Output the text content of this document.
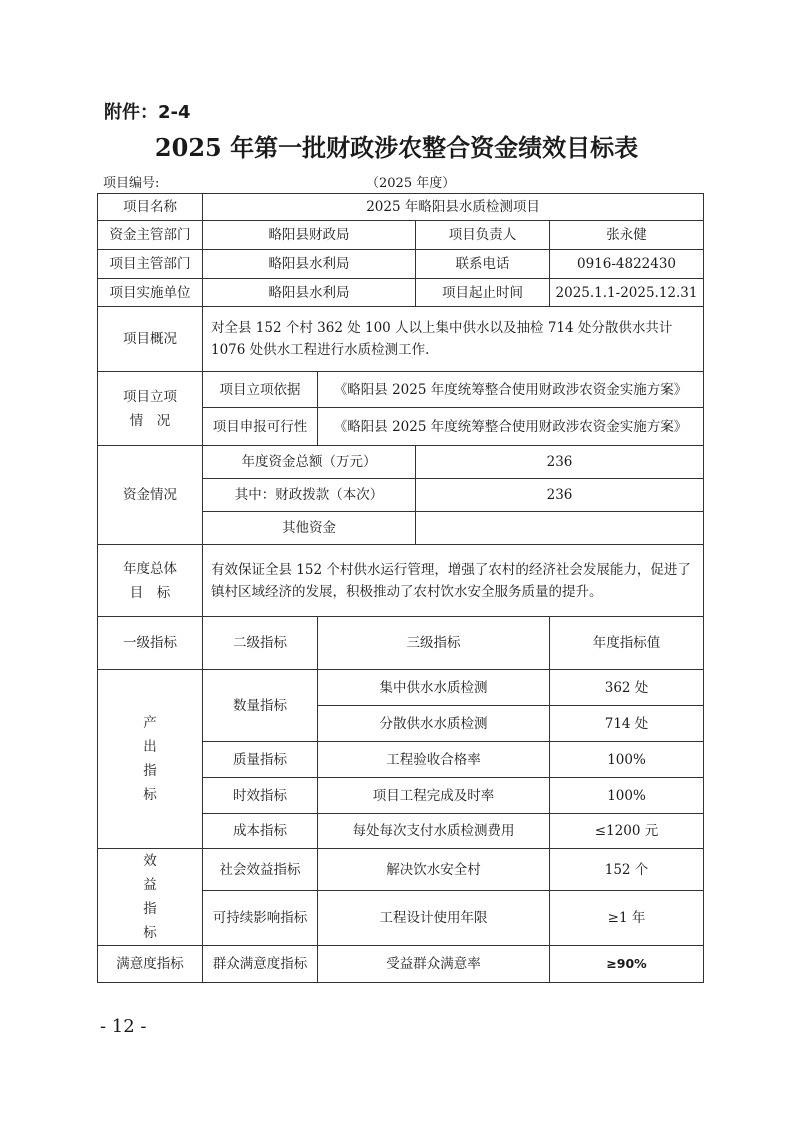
附件：2-4
2025 年第一批财政涉农整合资金绩效目标表
项目编号:	（2025 年度）
项目名称	2025 年略阳县水质检测项目			
资金主管部门	略阳县财政局		项目负责人	张永健
项目主管部门	略阳县水利局		联系电话	0916-4822430
项目实施单位	略阳县水利局		项目起止时间	2025.1.1-2025.12.31
项目概况	对全县 152 个村 362 处 100 人以上集中供水以及抽检 714 处分散供水共计 1076 处供水工程进行水质检测工作.			

项目立项
情　况	项目立项依据	《略阳县 2025 年度统筹整合使用财政涉农资金实施方案》		
	项目申报可行性	《略阳县 2025 年度统筹整合使用财政涉农资金实施方案》		
资金情况	年度资金总额（万元）		236	
	其中：财政拨款（本次）		236	
	其他资金			

年度总体
目　标	有效保证全县 152 个村供水运行管理，增强了农村的经济社会发展能力，促进了镇村区域经济的发展，积极推动了农村饮水安全服务质量的提升。			
一级指标	二级指标	三级指标		年度指标值

产
出
指
标	数量指标	集中供水水质检测		362 处
		分散供水水质检测		714 处
	质量指标	工程验收合格率		100%
	时效指标	项目工程完成及时率		100%
	成本指标	每处每次支付水质检测费用		≤1200 元

效
益
指
标	社会效益指标	解决饮水安全村		152 个
	可持续影响指标	工程设计使用年限		≥1 年
满意度指标	群众满意度指标	受益群众满意率		≥90%
- 12 -
